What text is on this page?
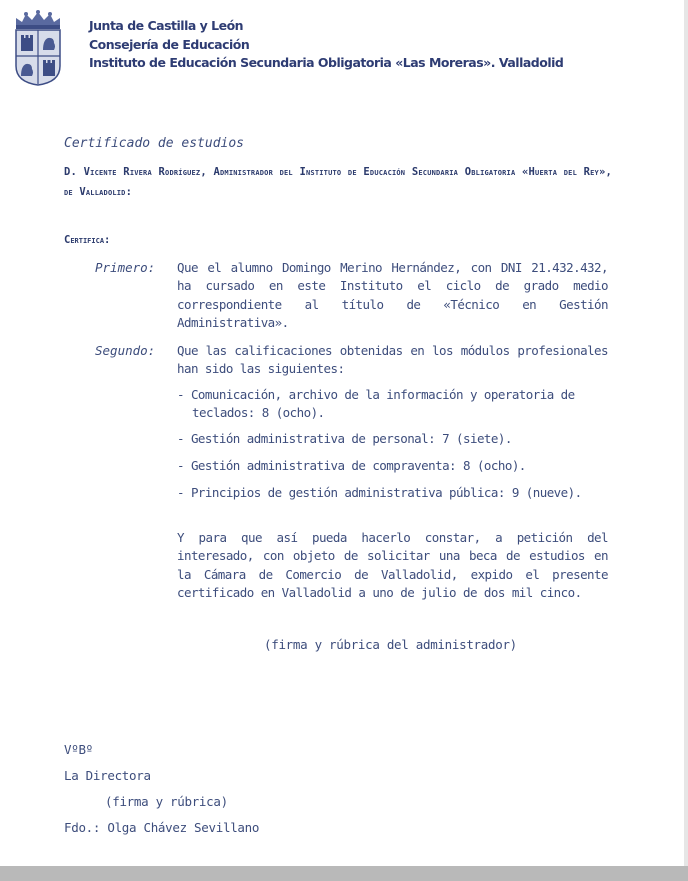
Junta de Castilla y León
Consejería de Educación
Instituto de Educación Secundaria Obligatoria «Las Moreras». Valladolid
Certificado de estudios
D. Vicente Rivera Rodríguez, Administrador del Instituto de Educación Secundaria Obligatoria «Huerta del Rey», de Valladolid:
Certifica:
Primero: Que el alumno Domingo Merino Hernández, con DNI 21.432.432, ha cursado en este Instituto el ciclo de grado medio correspondiente al título de «Técnico en Gestión Administrativa».
Segundo: Que las calificaciones obtenidas en los módulos profesionales han sido las siguientes:
- Comunicación, archivo de la información y operatoria de teclados: 8 (ocho).
- Gestión administrativa de personal: 7 (siete).
- Gestión administrativa de compraventa: 8 (ocho).
- Principios de gestión administrativa pública: 9 (nueve).
Y para que así pueda hacerlo constar, a petición del interesado, con objeto de solicitar una beca de estudios en la Cámara de Comercio de Valladolid, expido el presente certificado en Valladolid a uno de julio de dos mil cinco.
(firma y rúbrica del administrador)
VºBº
La Directora
(firma y rúbrica)
Fdo.: Olga Chávez Sevillano
